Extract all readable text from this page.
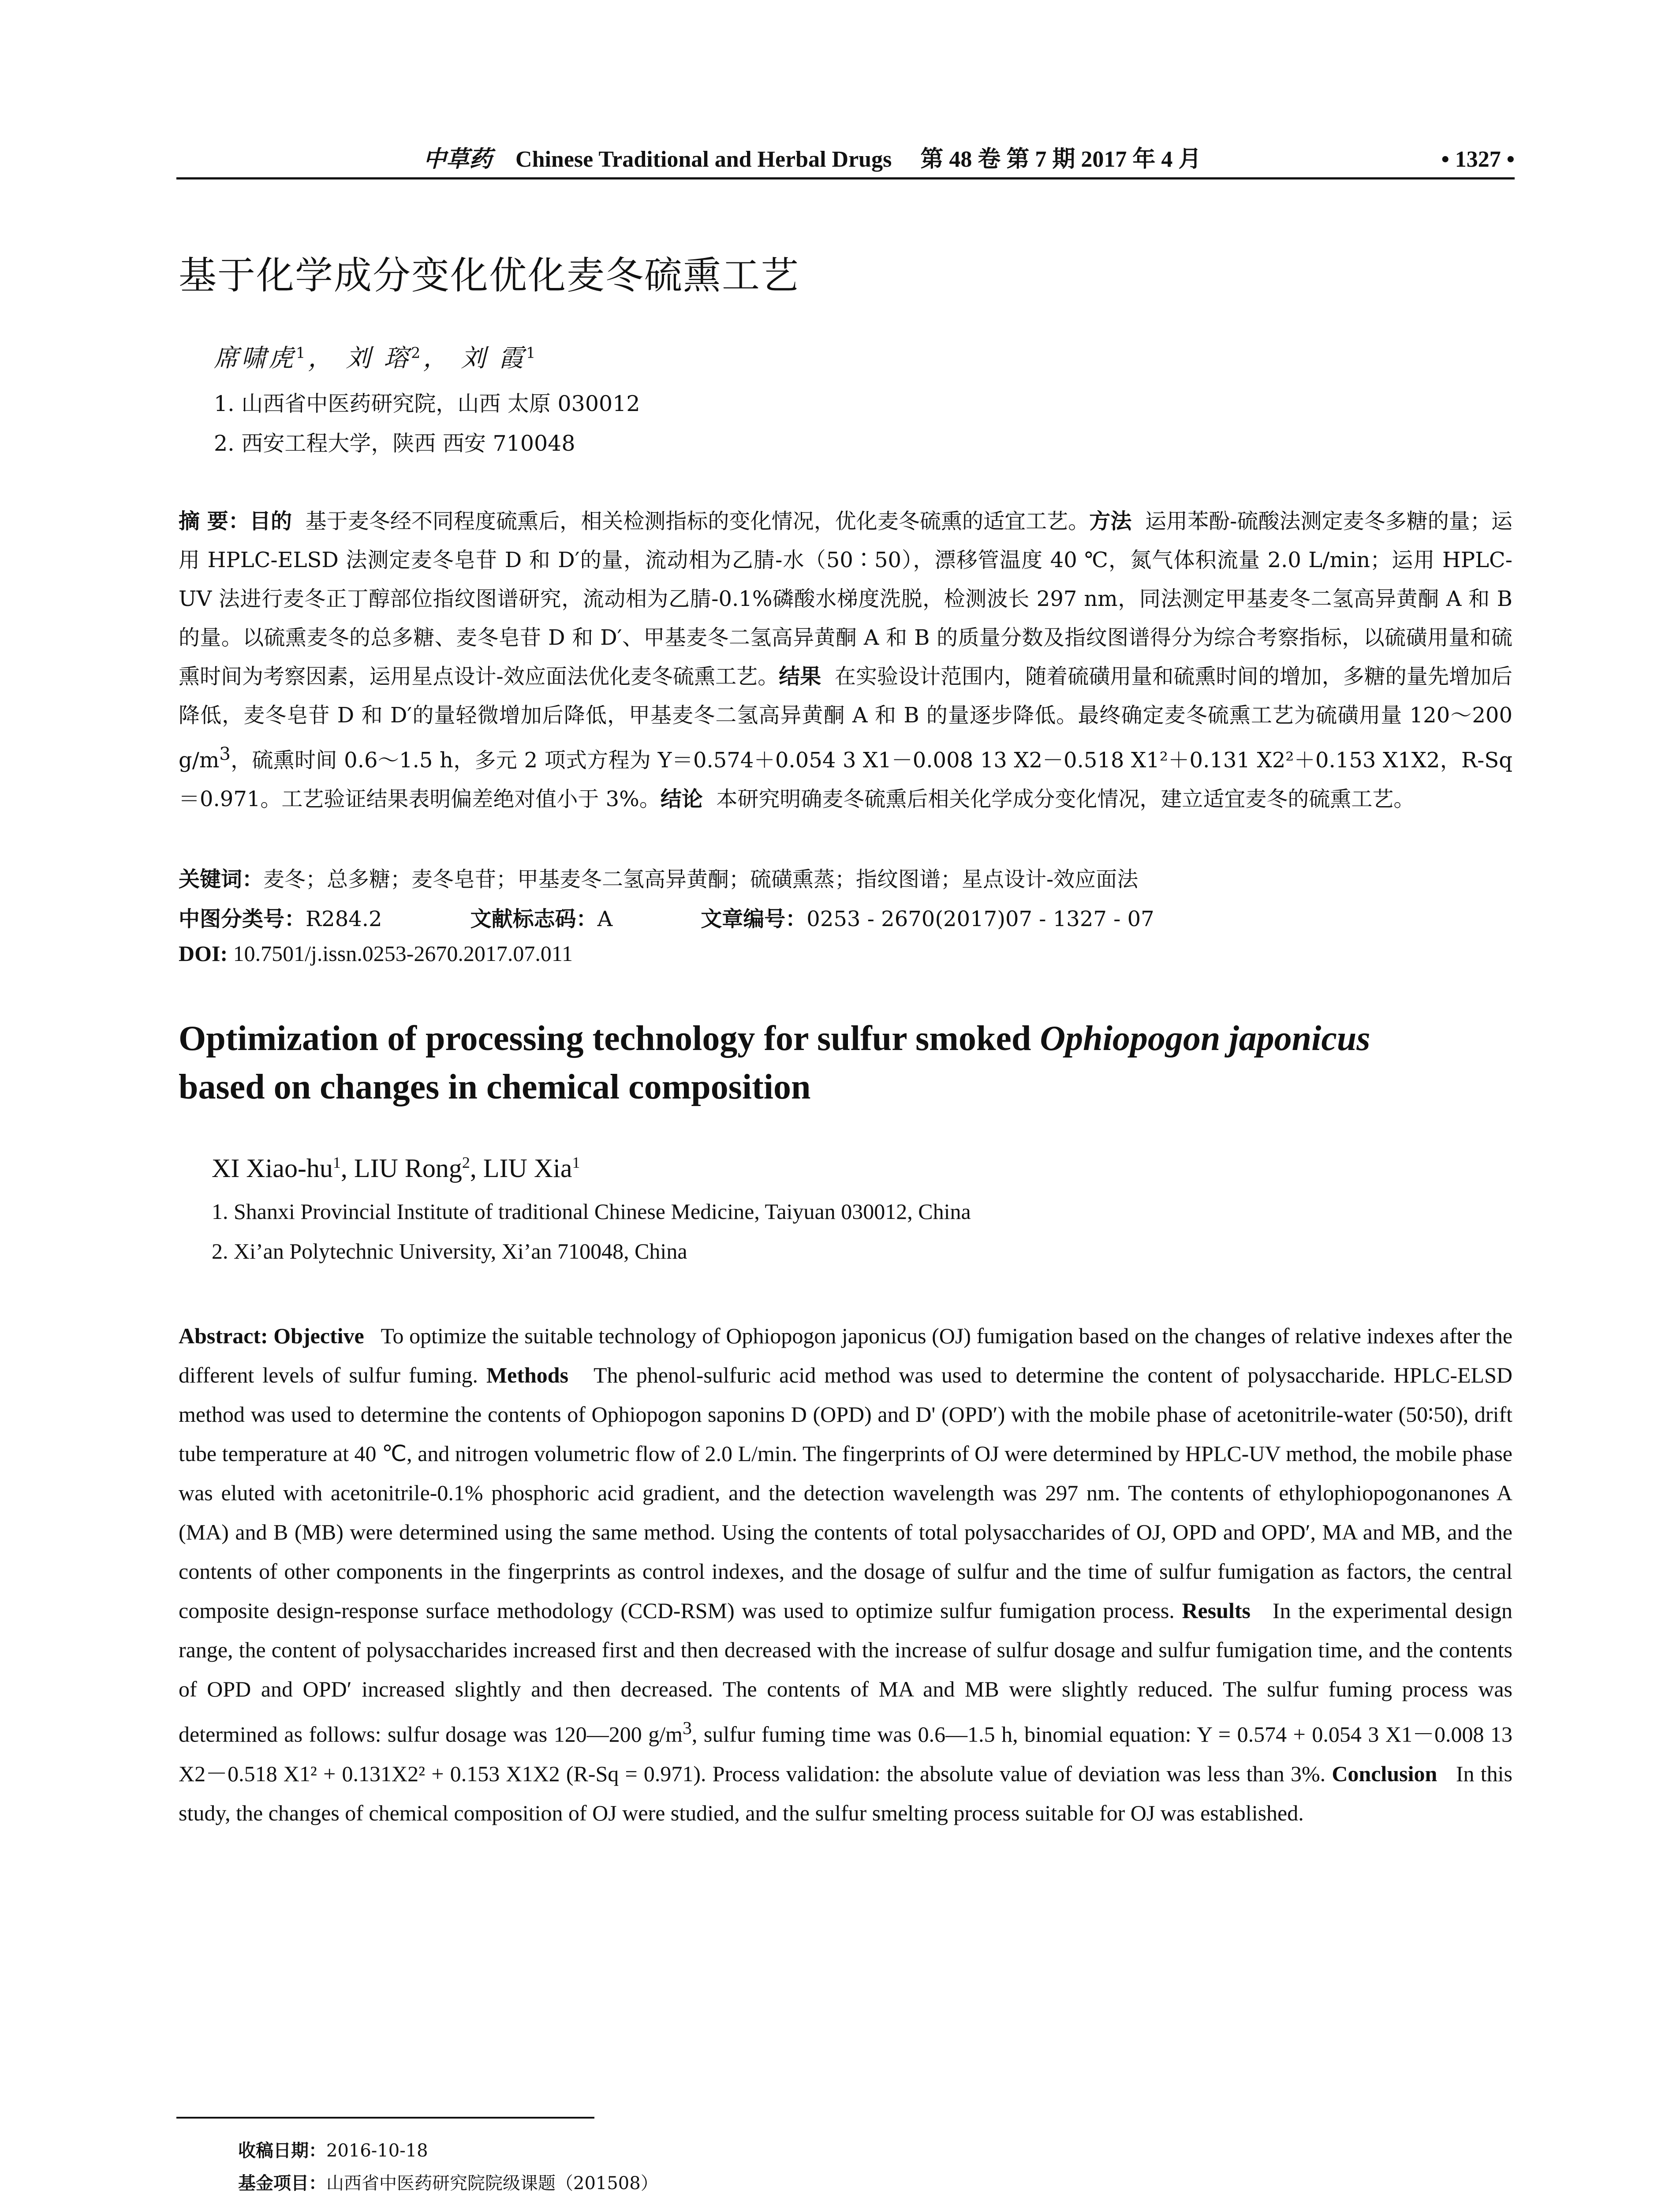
中草药 Chinese Traditional and Herbal Drugs 第 48 卷 第 7 期 2017 年 4 月	• 1327 •
基于化学成分变化优化麦冬硫熏工艺
席啸虎$^1$， 刘 瑢$^2$， 刘 霞$^1$
1. 山西省中医药研究院，山西 太原 030012
2. 西安工程大学，陕西 西安 710048
摘 要：目的 基于麦冬经不同程度硫熏后，相关检测指标的变化情况，优化麦冬硫熏的适宜工艺。方法 运用苯酚-硫酸法测定麦冬多糖的量；运用 HPLC-ELSD 法测定麦冬皂苷 D 和 D′的量，流动相为乙腈-水（50∶50），漂移管温度 40 ℃，氮气体积流量 2.0 L/min；运用 HPLC-UV 法进行麦冬正丁醇部位指纹图谱研究，流动相为乙腈-0.1%磷酸水梯度洗脱，检测波长 297 nm，同法测定甲基麦冬二氢高异黄酮 A 和 B 的量。以硫熏麦冬的总多糖、麦冬皂苷 D 和 D′、甲基麦冬二氢高异黄酮 A 和 B 的质量分数及指纹图谱得分为综合考察指标，以硫磺用量和硫熏时间为考察因素，运用星点设计-效应面法优化麦冬硫熏工艺。结果 在实验设计范围内，随着硫磺用量和硫熏时间的增加，多糖的量先增加后降低，麦冬皂苷 D 和 D′的量轻微增加后降低，甲基麦冬二氢高异黄酮 A 和 B 的量逐步降低。最终确定麦冬硫熏工艺为硫磺用量 120～200 $g/m^3$，硫熏时间 0.6～1.5 h，多元 2 项式方程为 Y＝0.574＋0.054 3 X1－0.008 13 X2－0.518 X1²＋0.131 X2²＋0.153 X1X2，R-Sq＝0.971。工艺验证结果表明偏差绝对值小于 3%。结论 本研究明确麦冬硫熏后相关化学成分变化情况，建立适宜麦冬的硫熏工艺。
关键词：麦冬；总多糖；麦冬皂苷；甲基麦冬二氢高异黄酮；硫磺熏蒸；指纹图谱；星点设计-效应面法
中图分类号：R284.2	文献标志码：A	文章编号：0253 - 2670(2017)07 - 1327 - 07
DOI: 10.7501/j.issn.0253-2670.2017.07.011
Optimization of processing technology for sulfur smoked Ophiopogon japonicus
based on changes in chemical composition
XI Xiao-$hu^1$, LIU Rong$^2$, LIU Xia$^1$
1. Shanxi Provincial Institute of traditional Chinese Medicine, Taiyuan 030012, China
2. Xi’an Polytechnic University, Xi’an 710048, China
Abstract: Objective To optimize the suitable technology of Ophiopogon japonicus (OJ) fumigation based on the changes of relative indexes after the different levels of sulfur fuming. Methods The phenol-sulfuric acid method was used to determine the content of polysaccharide. HPLC-ELSD method was used to determine the contents of Ophiopogon saponins D (OPD) and D' (OPD′) with the mobile phase of acetonitrile-water (50∶50), drift tube temperature at 40 ℃, and nitrogen volumetric flow of 2.0 L/min. The fingerprints of OJ were determined by HPLC-UV method, the mobile phase was eluted with acetonitrile-0.1% phosphoric acid gradient, and the detection wavelength was 297 nm. The contents of ethylophiopogonanones A (MA) and B (MB) were determined using the same method. Using the contents of total polysaccharides of OJ, OPD and OPD′, MA and MB, and the contents of other components in the fingerprints as control indexes, and the dosage of sulfur and the time of sulfur fumigation as factors, the central composite design-response surface methodology (CCD-RSM) was used to optimize sulfur fumigation process. Results In the experimental design range, the content of polysaccharides increased first and then decreased with the increase of sulfur dosage and sulfur fumigation time, and the contents of OPD and OPD′ increased slightly and then decreased. The contents of MA and MB were slightly reduced. The sulfur fuming process was determined as follows: sulfur dosage was 120—200 $g/m^3$, sulfur fuming time was 0.6—1.5 h, binomial equation: Y = 0.574 + 0.054 3 X1－0.008 13 X2－0.518 X1² + 0.131X2² + 0.153 X1X2 (R-Sq = 0.971). Process validation: the absolute value of deviation was less than 3%. Conclusion In this study, the changes of chemical composition of OJ were studied, and the sulfur smelting process suitable for OJ was established.
收稿日期：2016-10-18
基金项目：山西省中医药研究院院级课题（201508）
